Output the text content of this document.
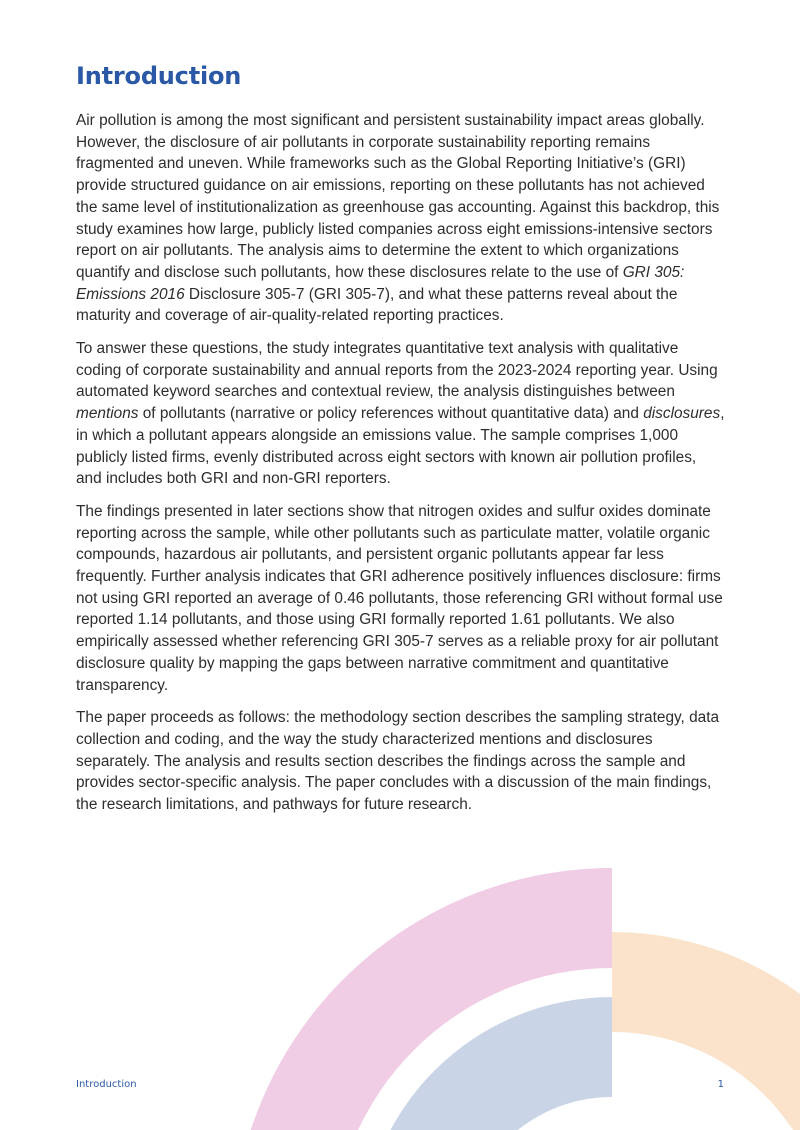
Introduction

Air pollution is among the most significant and persistent sustainability impact areas globally. However, the disclosure of air pollutants in corporate sustainability reporting remains fragmented and uneven. While frameworks such as the Global Reporting Initiative’s (GRI) provide structured guidance on air emissions, reporting on these pollutants has not achieved the same level of institutionalization as greenhouse gas accounting. Against this backdrop, this study examines how large, publicly listed companies across eight emissions-intensive sectors report on air pollutants. The analysis aims to determine the extent to which organizations quantify and disclose such pollutants, how these disclosures relate to the use of GRI 305: Emissions 2016 Disclosure 305-7 (GRI 305-7), and what these patterns reveal about the maturity and coverage of air-quality-related reporting practices.

To answer these questions, the study integrates quantitative text analysis with qualitative coding of corporate sustainability and annual reports from the 2023-2024 reporting year. Using automated keyword searches and contextual review, the analysis distinguishes between mentions of pollutants (narrative or policy references without quantitative data) and disclosures, in which a pollutant appears alongside an emissions value. The sample comprises 1,000 publicly listed firms, evenly distributed across eight sectors with known air pollution profiles, and includes both GRI and non-GRI reporters.

The findings presented in later sections show that nitrogen oxides and sulfur oxides dominate reporting across the sample, while other pollutants such as particulate matter, volatile organic compounds, hazardous air pollutants, and persistent organic pollutants appear far less frequently. Further analysis indicates that GRI adherence positively influences disclosure: firms not using GRI reported an average of 0.46 pollutants, those referencing GRI without formal use reported 1.14 pollutants, and those using GRI formally reported 1.61 pollutants. We also empirically assessed whether referencing GRI 305-7 serves as a reliable proxy for air pollutant disclosure quality by mapping the gaps between narrative commitment and quantitative transparency.

The paper proceeds as follows: the methodology section describes the sampling strategy, data collection and coding, and the way the study characterized mentions and disclosures separately. The analysis and results section describes the findings across the sample and provides sector-specific analysis. The paper concludes with a discussion of the main findings, the research limitations, and pathways for future research.

Introduction	1
